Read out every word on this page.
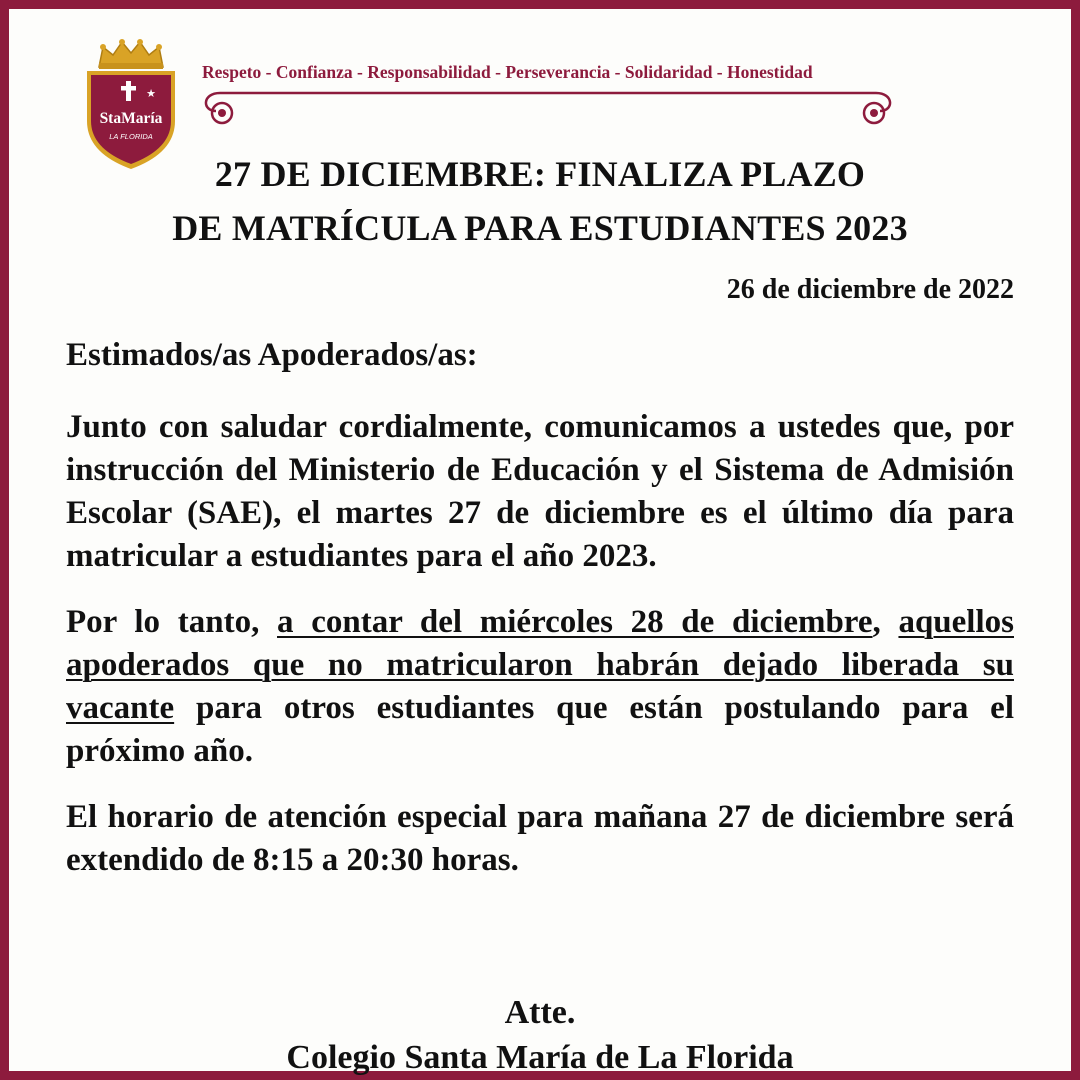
★
StaMaría
LA FLORIDA
Respeto - Confianza - Responsabilidad - Perseverancia - Solidaridad - Honestidad
27 DE DICIEMBRE: FINALIZA PLAZO
DE MATRÍCULA PARA ESTUDIANTES 2023
26 de diciembre de 2022

Estimados/as Apoderados/as:

Junto con saludar cordialmente, comunicamos a ustedes que, por instrucción del Ministerio de Educación y el Sistema de Admisión Escolar (SAE), el martes 27 de diciembre es el último día para matricular a estudiantes para el año 2023.

Por lo tanto, a contar del miércoles 28 de diciembre, aquellos apoderados que no matricularon habrán dejado liberada su vacante para otros estudiantes que están postulando para el próximo año.

El horario de atención especial para mañana 27 de diciembre será extendido de 8:15 a 20:30 horas.

Atte.
Colegio Santa María de La Florida
